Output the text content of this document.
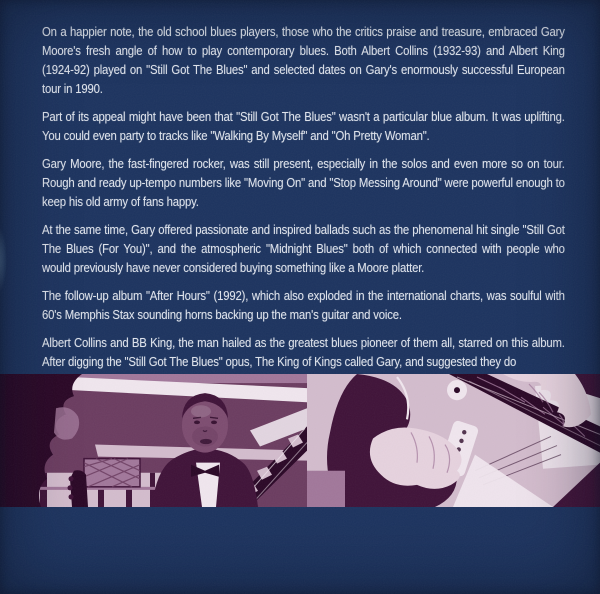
On a happier note, the old school blues players, those who the critics praise and treasure, embraced Gary Moore's fresh angle of how to play contemporary blues. Both Albert Collins (1932-93) and Albert King (1924-92) played on "Still Got The Blues" and selected dates on Gary's enormously successful European tour in 1990.

Part of its appeal might have been that "Still Got The Blues" wasn't a particular blue album. It was uplifting. You could even party to tracks like "Walking By Myself" and "Oh Pretty Woman".

Gary Moore, the fast-fingered rocker, was still present, especially in the solos and even more so on tour. Rough and ready up-tempo numbers like "Moving On" and "Stop Messing Around" were powerful enough to keep his old army of fans happy.

At the same time, Gary offered passionate and inspired ballads such as the phenomenal hit single "Still Got The Blues (For You)", and the atmospheric "Midnight Blues" both of which connected with people who would previously have never considered buying something like a Moore platter.

The follow-up album "After Hours" (1992), which also exploded in the international charts, was soulful with 60's Memphis Stax sounding horns backing up the man's guitar and voice.

Albert Collins and BB King, the man hailed as the greatest blues pioneer of them all, starred on this album. After digging the "Still Got The Blues" opus, The King of Kings called Gary, and suggested they do
